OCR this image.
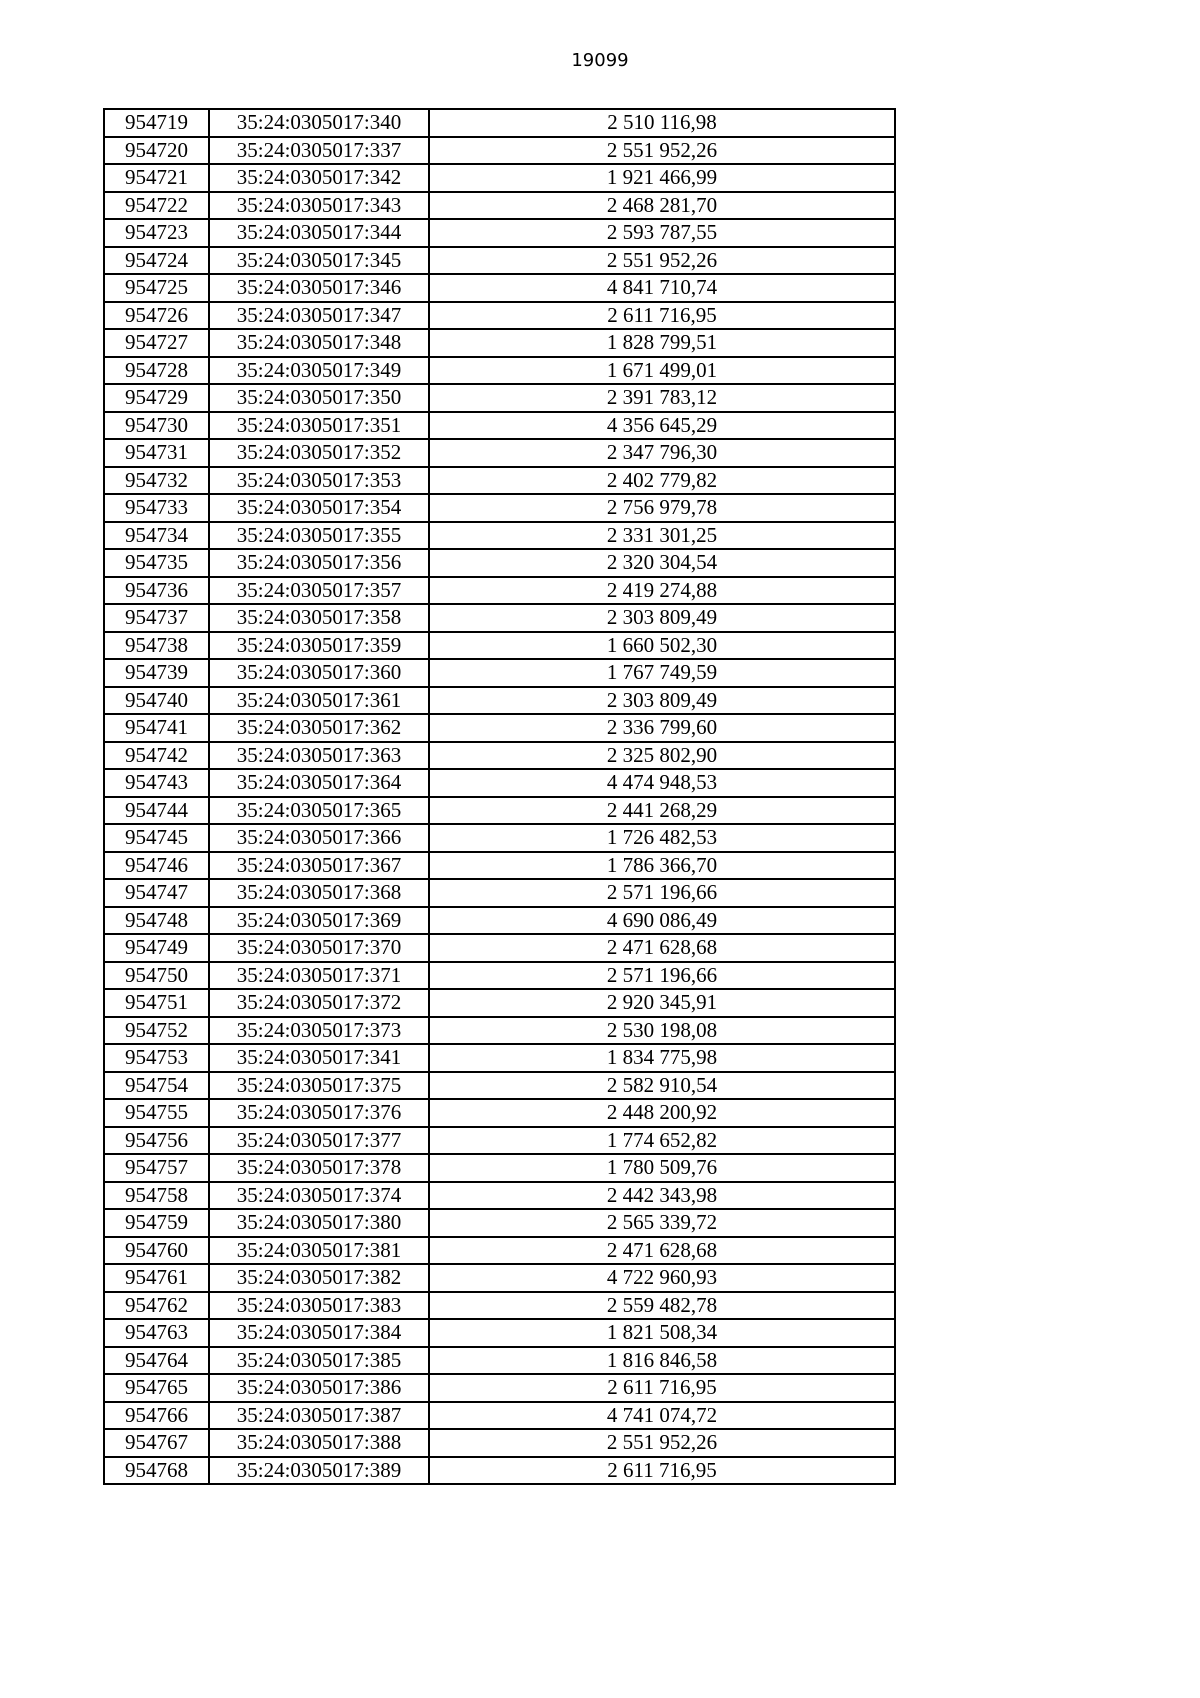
19099
954719	35:24:0305017:340	2 510 116,98
954720	35:24:0305017:337	2 551 952,26
954721	35:24:0305017:342	1 921 466,99
954722	35:24:0305017:343	2 468 281,70
954723	35:24:0305017:344	2 593 787,55
954724	35:24:0305017:345	2 551 952,26
954725	35:24:0305017:346	4 841 710,74
954726	35:24:0305017:347	2 611 716,95
954727	35:24:0305017:348	1 828 799,51
954728	35:24:0305017:349	1 671 499,01
954729	35:24:0305017:350	2 391 783,12
954730	35:24:0305017:351	4 356 645,29
954731	35:24:0305017:352	2 347 796,30
954732	35:24:0305017:353	2 402 779,82
954733	35:24:0305017:354	2 756 979,78
954734	35:24:0305017:355	2 331 301,25
954735	35:24:0305017:356	2 320 304,54
954736	35:24:0305017:357	2 419 274,88
954737	35:24:0305017:358	2 303 809,49
954738	35:24:0305017:359	1 660 502,30
954739	35:24:0305017:360	1 767 749,59
954740	35:24:0305017:361	2 303 809,49
954741	35:24:0305017:362	2 336 799,60
954742	35:24:0305017:363	2 325 802,90
954743	35:24:0305017:364	4 474 948,53
954744	35:24:0305017:365	2 441 268,29
954745	35:24:0305017:366	1 726 482,53
954746	35:24:0305017:367	1 786 366,70
954747	35:24:0305017:368	2 571 196,66
954748	35:24:0305017:369	4 690 086,49
954749	35:24:0305017:370	2 471 628,68
954750	35:24:0305017:371	2 571 196,66
954751	35:24:0305017:372	2 920 345,91
954752	35:24:0305017:373	2 530 198,08
954753	35:24:0305017:341	1 834 775,98
954754	35:24:0305017:375	2 582 910,54
954755	35:24:0305017:376	2 448 200,92
954756	35:24:0305017:377	1 774 652,82
954757	35:24:0305017:378	1 780 509,76
954758	35:24:0305017:374	2 442 343,98
954759	35:24:0305017:380	2 565 339,72
954760	35:24:0305017:381	2 471 628,68
954761	35:24:0305017:382	4 722 960,93
954762	35:24:0305017:383	2 559 482,78
954763	35:24:0305017:384	1 821 508,34
954764	35:24:0305017:385	1 816 846,58
954765	35:24:0305017:386	2 611 716,95
954766	35:24:0305017:387	4 741 074,72
954767	35:24:0305017:388	2 551 952,26
954768	35:24:0305017:389	2 611 716,95
